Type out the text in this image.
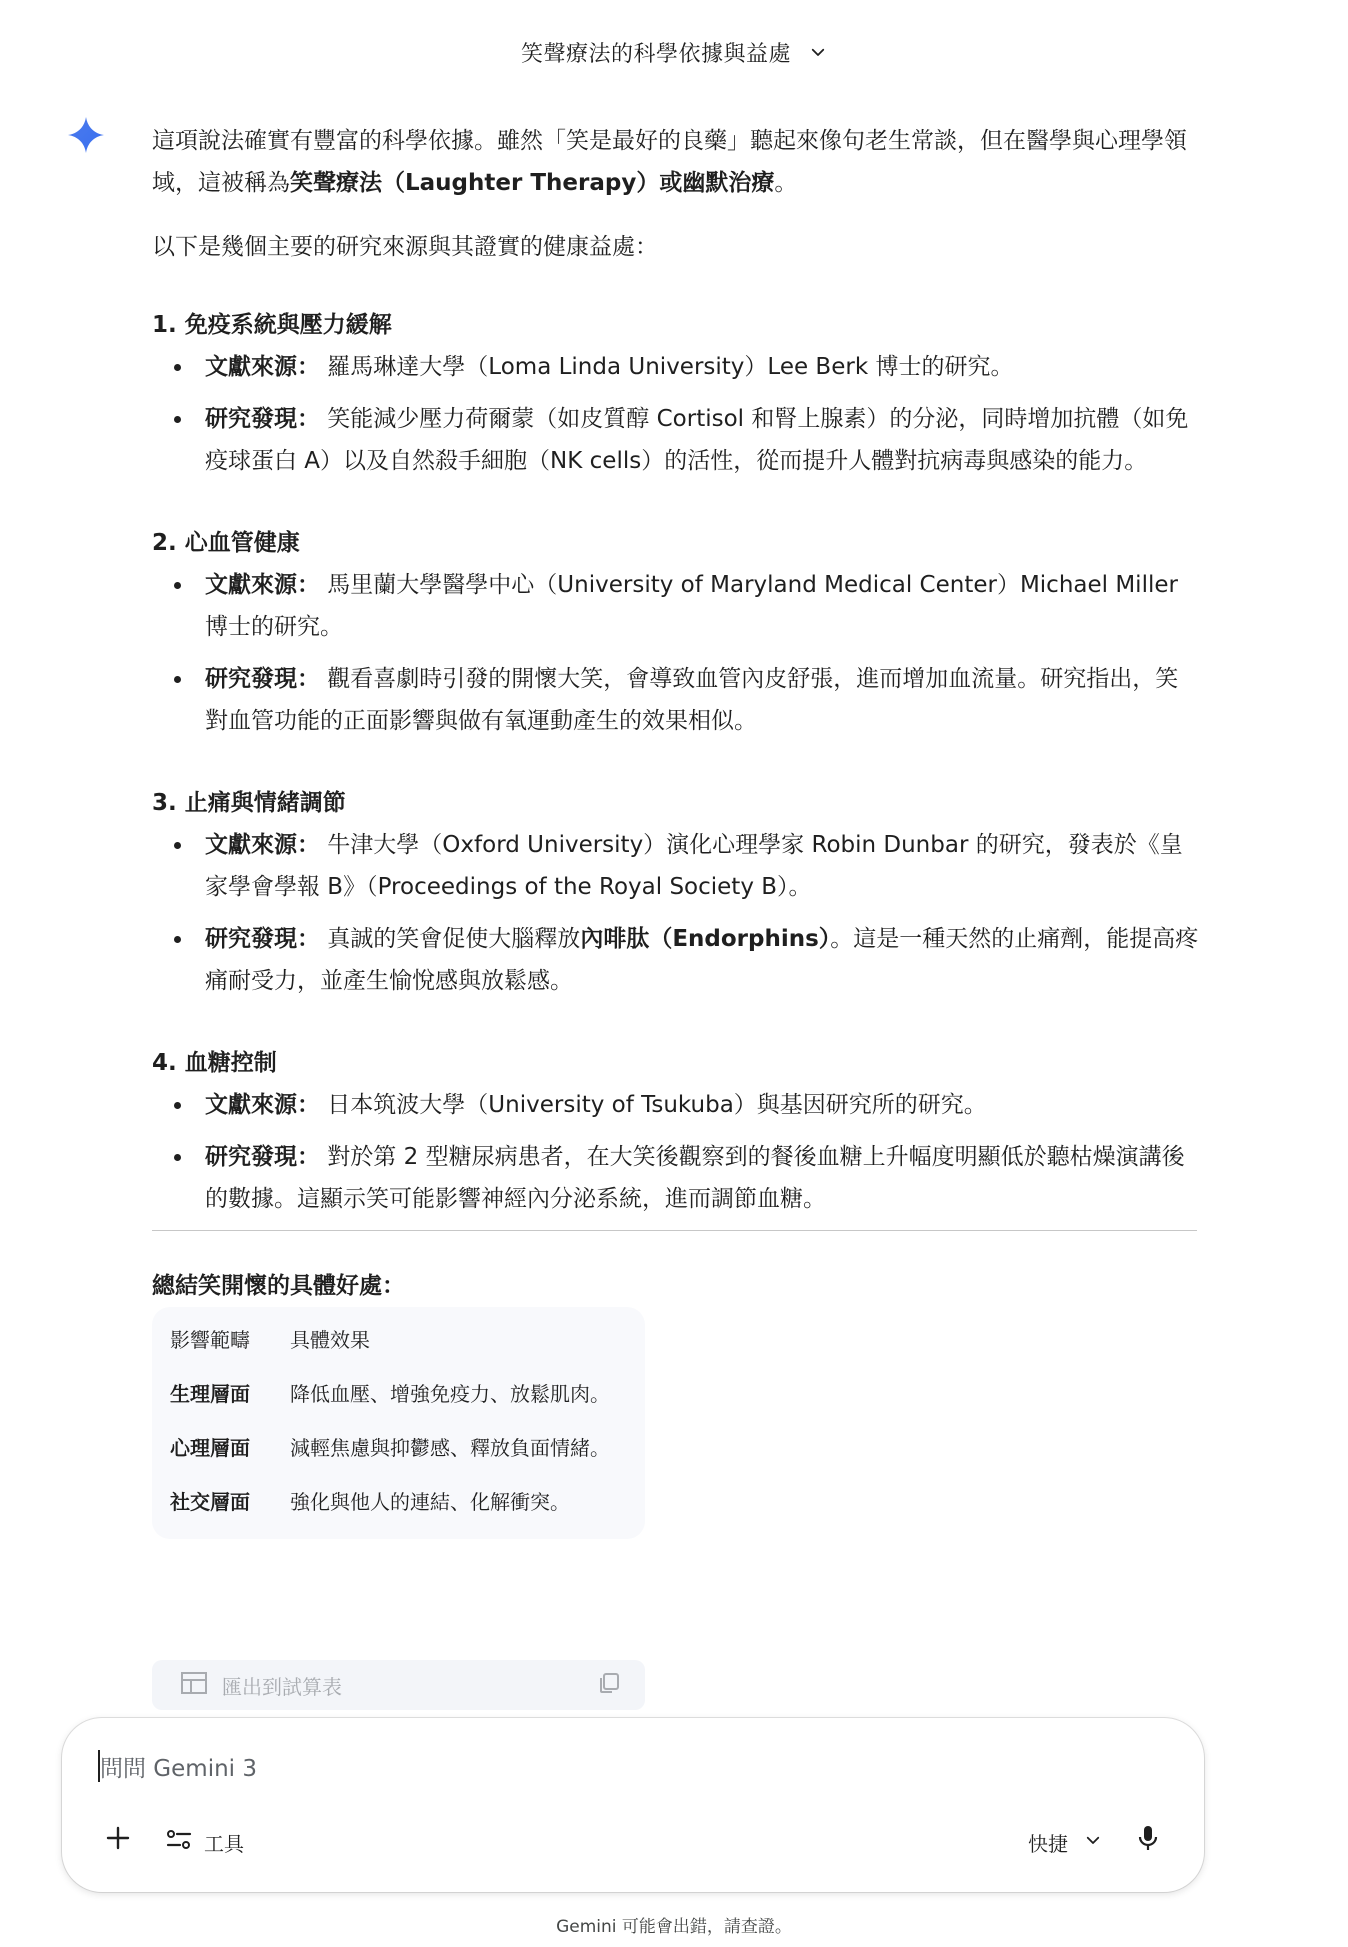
笑聲療法的科學依據與益處

這項說法確實有豐富的科學依據。雖然「笑是最好的良藥」聽起來像句老生常談，但在醫學與心理學領域，這被稱為笑聲療法（Laughter Therapy）或幽默治療。

以下是幾個主要的研究來源與其證實的健康益處：

1. 免疫系統與壓力緩解

文獻來源： 羅馬琳達大學（Loma Linda University）Lee Berk 博士的研究。
研究發現： 笑能減少壓力荷爾蒙（如皮質醇 Cortisol 和腎上腺素）的分泌，同時增加抗體（如免疫球蛋白 A）以及自然殺手細胞（NK cells）的活性，從而提升人體對抗病毒與感染的能力。

2. 心血管健康

文獻來源： 馬里蘭大學醫學中心（University of Maryland Medical Center）Michael Miller 博士的研究。
研究發現： 觀看喜劇時引發的開懷大笑，會導致血管內皮舒張，進而增加血流量。研究指出，笑對血管功能的正面影響與做有氧運動產生的效果相似。

3. 止痛與情緒調節

文獻來源： 牛津大學（Oxford University）演化心理學家 Robin Dunbar 的研究，發表於《皇家學會學報 B》（Proceedings of the Royal Society B）。
研究發現： 真誠的笑會促使大腦釋放內啡肽（Endorphins）。這是一種天然的止痛劑，能提高疼痛耐受力，並產生愉悅感與放鬆感。

4. 血糖控制

文獻來源： 日本筑波大學（University of Tsukuba）與基因研究所的研究。
研究發現： 對於第 2 型糖尿病患者，在大笑後觀察到的餐後血糖上升幅度明顯低於聽枯燥演講後的數據。這顯示笑可能影響神經內分泌系統，進而調節血糖。

總結笑開懷的具體好處：

影響範疇	具體效果
生理層面	降低血壓、增強免疫力、放鬆肌肉。
心理層面	減輕焦慮與抑鬱感、釋放負面情緒。
社交層面	強化與他人的連結、化解衝突。
匯出到試算表
問問 Gemini 3
工具	快捷
Gemini 可能會出錯，請查證。
